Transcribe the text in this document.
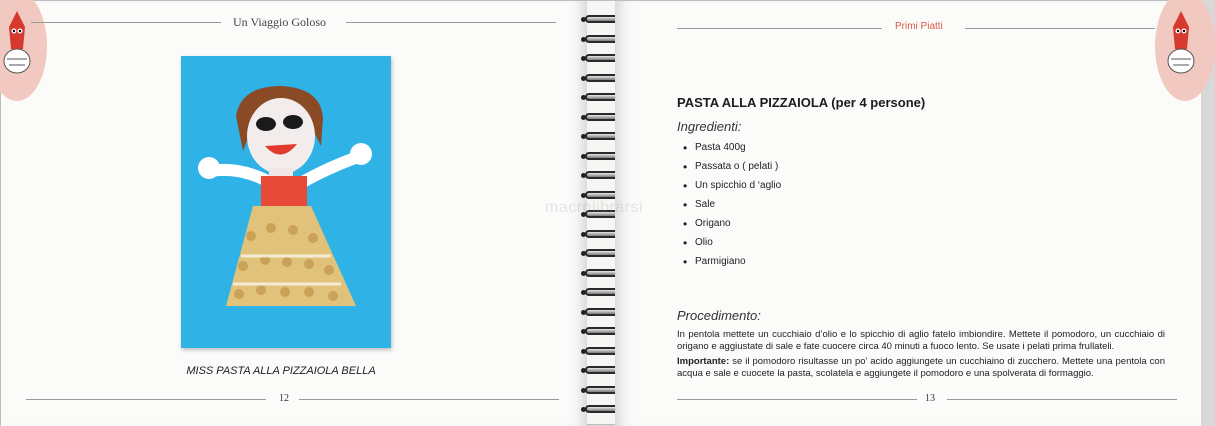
Un Viaggio Goloso
MISS PASTA ALLA PIZZAIOLA BELLA
12
Primi Piatti
macrolibrarsi
PASTA ALLA PIZZAIOLA (per 4 persone)
Ingredienti:
• Pasta 400g
• Passata o ( pelati )
• Un spicchio d ‘aglio
• Sale
• Origano
• Olio
• Parmigiano
Procedimento:

In pentola mettete un cucchiaio d’olio e lo spicchio di aglio fatelo imbiondire. Mettete il pomodoro, un cucchiaio di origano e aggiustate di sale e fate cuocere circa 40 minuti a fuoco lento. Se usate i pelati prima frullateli.

Importante: se il pomodoro risultasse un po’ acido aggiungete un cucchiaino di zucchero. Mettete una pentola con acqua e sale e cuocete la pasta, scolatela e aggiungete il pomodoro e una spolverata di formaggio.

13
